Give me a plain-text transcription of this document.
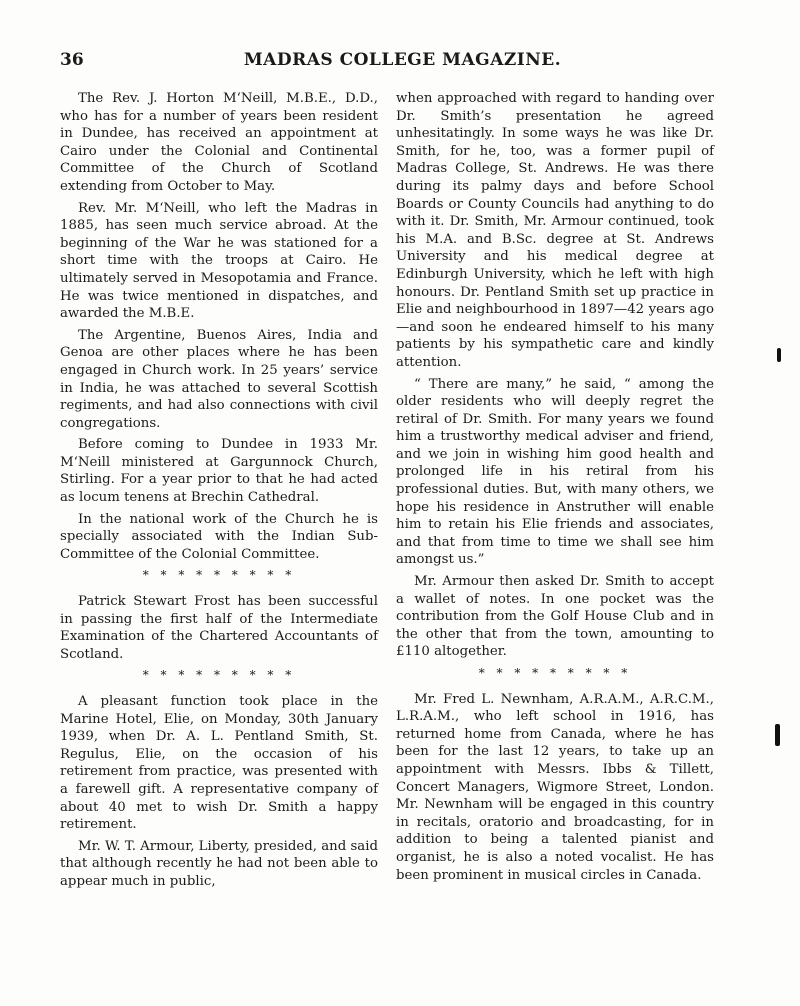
36	MADRAS COLLEGE MAGAZINE.

The Rev. J. Horton M‘Neill, M.B.E., D.D., who has for a number of years been resident in Dundee, has received an appointment at Cairo under the Colonial and Continental Committee of the Church of Scotland extending from October to May.

Rev. Mr. M‘Neill, who left the Madras in 1885, has seen much service abroad. At the beginning of the War he was stationed for a short time with the troops at Cairo. He ultimately served in Mesopotamia and France. He was twice mentioned in dispatches, and awarded the M.B.E.

The Argentine, Buenos Aires, India and Genoa are other places where he has been engaged in Church work. In 25 years’ service in India, he was attached to several Scottish regiments, and had also connections with civil congregations.

Before coming to Dundee in 1933 Mr. M‘Neill ministered at Gargunnock Church, Stirling. For a year prior to that he had acted as locum tenens at Brechin Cathedral.

In the national work of the Church he is specially associated with the Indian Sub-Committee of the Colonial Committee.

* * * * * * * * *

Patrick Stewart Frost has been successful in passing the first half of the Intermediate Examination of the Chartered Accountants of Scotland.

* * * * * * * * *

A pleasant function took place in the Marine Hotel, Elie, on Monday, 30th January 1939, when Dr. A. L. Pentland Smith, St. Regulus, Elie, on the occasion of his retirement from practice, was presented with a farewell gift. A representative company of about 40 met to wish Dr. Smith a happy retirement.

Mr. W. T. Armour, Liberty, presided, and said that although recently he had not been able to appear much in public,

when approached with regard to handing over Dr. Smith’s presentation he agreed unhesitatingly. In some ways he was like Dr. Smith, for he, too, was a former pupil of Madras College, St. Andrews. He was there during its palmy days and before School Boards or County Councils had anything to do with it. Dr. Smith, Mr. Armour continued, took his M.A. and B.Sc. degree at St. Andrews University and his medical degree at Edinburgh University, which he left with high honours. Dr. Pentland Smith set up practice in Elie and neighbourhood in 1897—42 years ago—and soon he endeared himself to his many patients by his sympathetic care and kindly attention.

“ There are many,” he said, “ among the older residents who will deeply regret the retiral of Dr. Smith. For many years we found him a trustworthy medical adviser and friend, and we join in wishing him good health and prolonged life in his retiral from his professional duties. But, with many others, we hope his residence in Anstruther will enable him to retain his Elie friends and associates, and that from time to time we shall see him amongst us.”

Mr. Armour then asked Dr. Smith to accept a wallet of notes. In one pocket was the contribution from the Golf House Club and in the other that from the town, amounting to £110 altogether.

* * * * * * * * *

Mr. Fred L. Newnham, A.R.A.M., A.R.C.M., L.R.A.M., who left school in 1916, has returned home from Canada, where he has been for the last 12 years, to take up an appointment with Messrs. Ibbs & Tillett, Concert Managers, Wigmore Street, London. Mr. Newnham will be engaged in this country in recitals, oratorio and broadcasting, for in addition to being a talented pianist and organist, he is also a noted vocalist. He has been prominent in musical circles in Canada.
